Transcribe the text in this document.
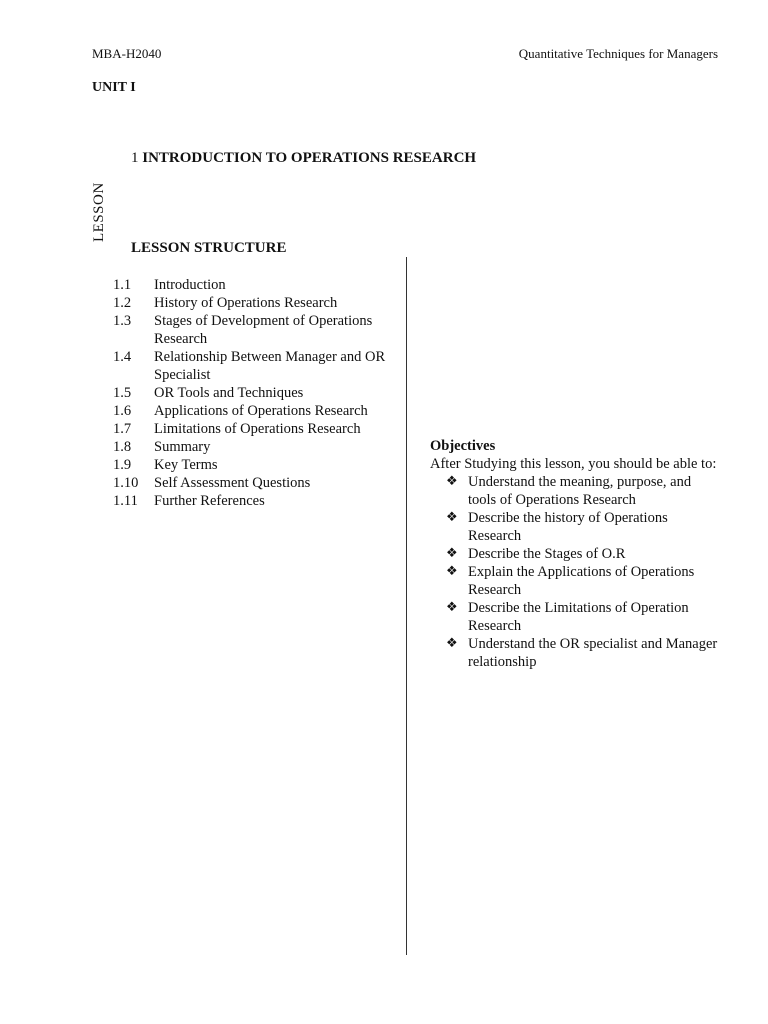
MBA-H2040	Quantitative Techniques for Managers
UNIT I
1 INTRODUCTION TO OPERATIONS RESEARCH
LESSON
LESSON STRUCTURE
1.1	Introduction
1.2	History of Operations Research
1.3	Stages of Development of Operations Research
1.4	Relationship Between Manager and OR Specialist
1.5	OR Tools and Techniques
1.6	Applications of Operations Research
1.7	Limitations of Operations Research
1.8	Summary
1.9	Key Terms
1.10	Self Assessment Questions
1.11	Further References
Objectives
After Studying this lesson, you should be able to:
❖ Understand the meaning, purpose, and tools of Operations Research
❖ Describe the history of Operations Research
❖ Describe the Stages of O.R
❖ Explain the Applications of Operations Research
❖ Describe the Limitations of Operation Research
❖ Understand the OR specialist and Manager relationship
